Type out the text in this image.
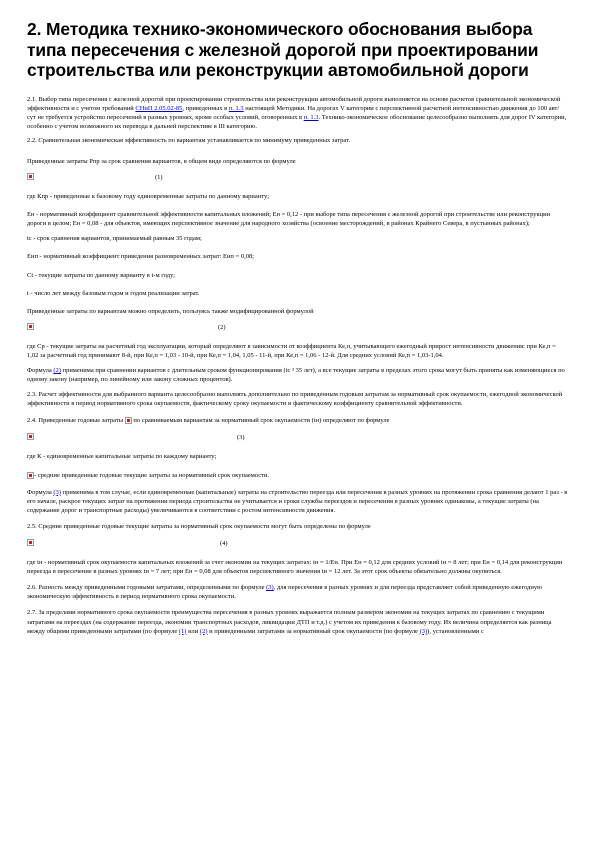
2. Методика технико-экономического обоснования выбора типа пересечения с железной дорогой при проектировании строительства или реконструкции автомобильной дороги

2.1. Выбор типа пересечения с железной дорогой при проектировании строительства или реконструкции автомобильной дороги выполняется на основе расчетов сравнительной экономической эффективности и с учетом требований СНиП 2.05.02-85, приведенных в п. 1.3 настоящей Методики. На дорогах V категории с перспективной расчетной интенсивностью движения до 100 авт/сут не требуется устройство пересечений в разных уровнях, кроме особых условий, оговоренных в п. 1.3. Технико-экономическое обоснование целесообразно выполнять для дорог IV категории, особенно с учетом возможного их перевода в дальней перспективе в III категорию.

2.2. Сравнительная экономическая эффективность по вариантам устанавливается по минимуму приведенных затрат.

Приведенные затраты Рпр за срок сравнения вариантов, в общем виде определяются по формуле

(1)

где Кпр - приведенные к базовому году единовременные затраты по данному варианту;

Ен - нормативный коэффициент сравнительной эффективности капитальных вложений; Ен = 0,12 - при выборе типа пересечения с железной дорогой при строительстве или реконструкции дороги в целом; Ен = 0,08 - для объектов, имеющих перспективное значение для народного хозяйства (освоение месторождений, в районах Крайнего Севера, в пустынных районах);

tс - срок сравнения вариантов, принимаемый равным 35 годам;

Енп - нормативный коэффициент приведения разновременных затрат: Енп = 0,08;

Сt - текущие затраты по данному варианту в t-м году;

t - число лет между базовым годом и годом реализации затрат.

Приведенные затраты по вариантам можно определить, пользуясь также модифицированной формулой

(2)

где Ср - текущие затраты на расчетный год эксплуатации, который определяют в зависимости от коэффициента Ке,п, учитывающего ежегодный прирост интенсивности движения: при Ке,п = 1,02 за расчетный год принимают 8-й, при Ке,п = 1,03 - 10-й, при Ке,п = 1,04, 1,05 - 11-й, при Ке,п = 1,06 - 12-й. Для средних условий Ке,п = 1,03-1,04.

Формула (2) применима при сравнении вариантов с длительным сроком функционирования (tс ³ 35 лет), а все текущие затраты в пределах этого срока могут быть приняты как изменяющиеся по одному закону (например, по линейному или закону сложных процентов).

2.3. Расчет эффективности для выбранного варианта целесообразно выполнять дополнительно по приведенным годовым затратам за нормативный срок окупаемости, ежегодной экономической эффективности в период нормативного срока окупаемости, фактическому сроку окупаемости и фактическому коэффициенту сравнительной эффективности.

2.4. Приведенные годовые затраты  по сравниваемым вариантам за нормативный срок окупаемости (tн) определяют по формуле

(3)

где К - единовременные капитальные затраты по каждому варианту;

- средние приведенные годовые текущие затраты за нормативный срок окупаемости.

Формула (3) применима в том случае, если единовременные (капитальные) затраты на строительство переезда или пересечения в разных уровнях на протяжении срока сравнения делают 1 раз - в его начале, раскрое текущих затрат на протяжении периода строительства не учитывается и сроки службы переездов и пересечения в разных уровнях одинаковы, а текущие затраты (на содержание дорог и транспортные расходы) увеличиваются в соответствии с ростом интенсивности движения.

2.5. Средние приведенные годовые текущие затраты за нормативный срок окупаемости могут быть определены по формуле

(4)

где tн - нормативный срок окупаемости капитальных вложений за счет экономии на текущих затратах: tн = 1/Ен. При Ен = 0,12 для средних условий tн = 8 лет; при Ен = 0,14 для реконструкции переезда в пересечение в разных уровнях tн = 7 лет; при Ен = 0,08 для объектов перспективного значения tн = 12 лет. За этот срок объекты обязательно должны окупиться.

2.6. Разность между приведенными годовыми затратами, определенными по формуле (3), для пересечения в разных уровнях и для переезда представляет собой приведенную ежегодную экономическую эффективность в период нормативного срока окупаемости.

2.7. За пределами нормативного срока окупаемости преимущества пересечения в разных уровнях выражается полным размером экономии на текущих затратах по сравнению с текущими затратами на переездах (на содержание переезда, экономии транспортных расходов, ликвидации ДТП и т.д.) с учетом их приведения к базовому году. Их величина определяется как разница между общими приведенными затратами (по формуле (1) или (2) и приведенными затратами за нормативный срок окупаемости (по формуле (3)), установленными с
